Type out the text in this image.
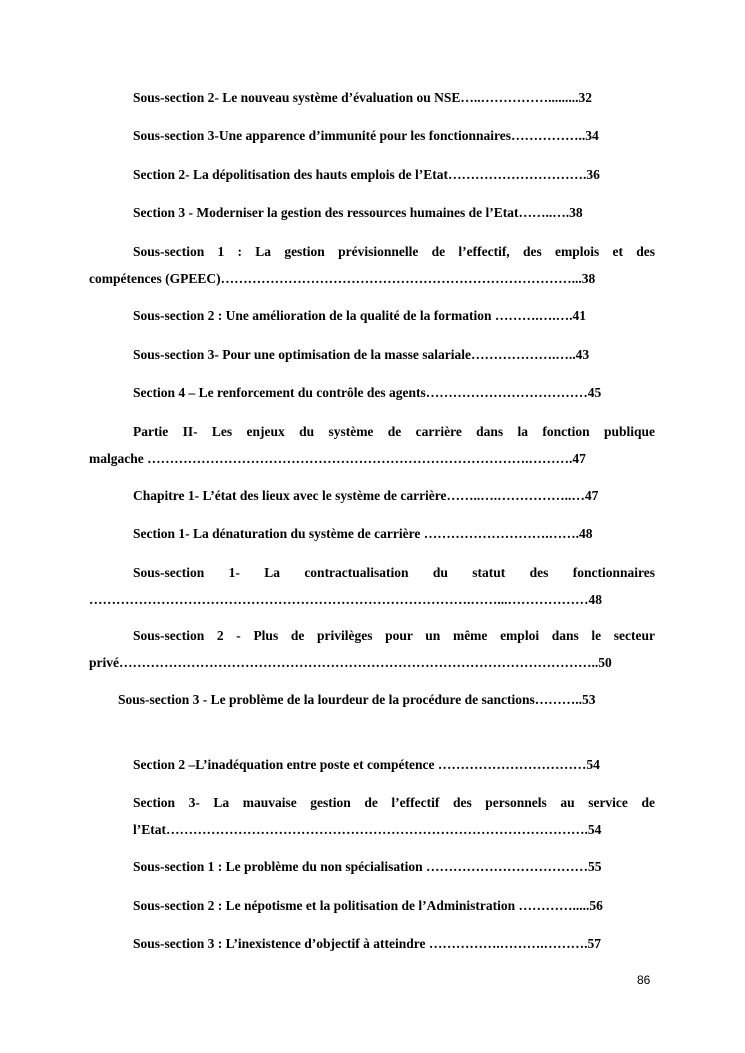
Sous-section 2- Le nouveau système d’évaluation ou NSE…..…………….........32
Sous-section 3-Une apparence d’immunité pour les fonctionnaires……………..34
Section 2- La dépolitisation des hauts emplois de l’Etat………………………….36
Section 3 - Moderniser la gestion des ressources humaines de l’Etat……..….38
Sous-section 1 : La gestion prévisionnelle de l’effectif, des emplois et des
compétences (GPEEC)……………………………………………………………………...38
Sous-section 2 : Une amélioration de la qualité de la formation ……….….….41
Sous-section 3- Pour une optimisation de la masse salariale……………….…..43
Section 4 – Le renforcement du contrôle des agents………………………………45
Partie II- Les enjeux du système de carrière dans la fonction publique
malgache ………………………………………………………………………….……….47
Chapitre 1- L’état des lieux avec le système de carrière……..….……………..…47
Section 1- La dénaturation du système de carrière ……………………….…….48
Sous-section 1- La contractualisation du statut des fonctionnaires
………………………………………………………………………….……...………………48
Sous-section 2 - Plus de privilèges pour un même emploi dans le secteur
privé……………………………………………………………………………………………..50
Sous-section 3 - Le problème de la lourdeur de la procédure de sanctions………..53
Section 2 –L’inadéquation entre poste et compétence ……………………………54
Section 3- La mauvaise gestion de l’effectif des personnels au service de
l’Etat………………………………………………………………………………….54
Sous-section 1 : Le problème du non spécialisation ………………………………55
Sous-section 2 : Le népotisme et la politisation de l’Administration ………….....56
Sous-section 3 : L’inexistence d’objectif à atteindre …………….……….……….57
86
